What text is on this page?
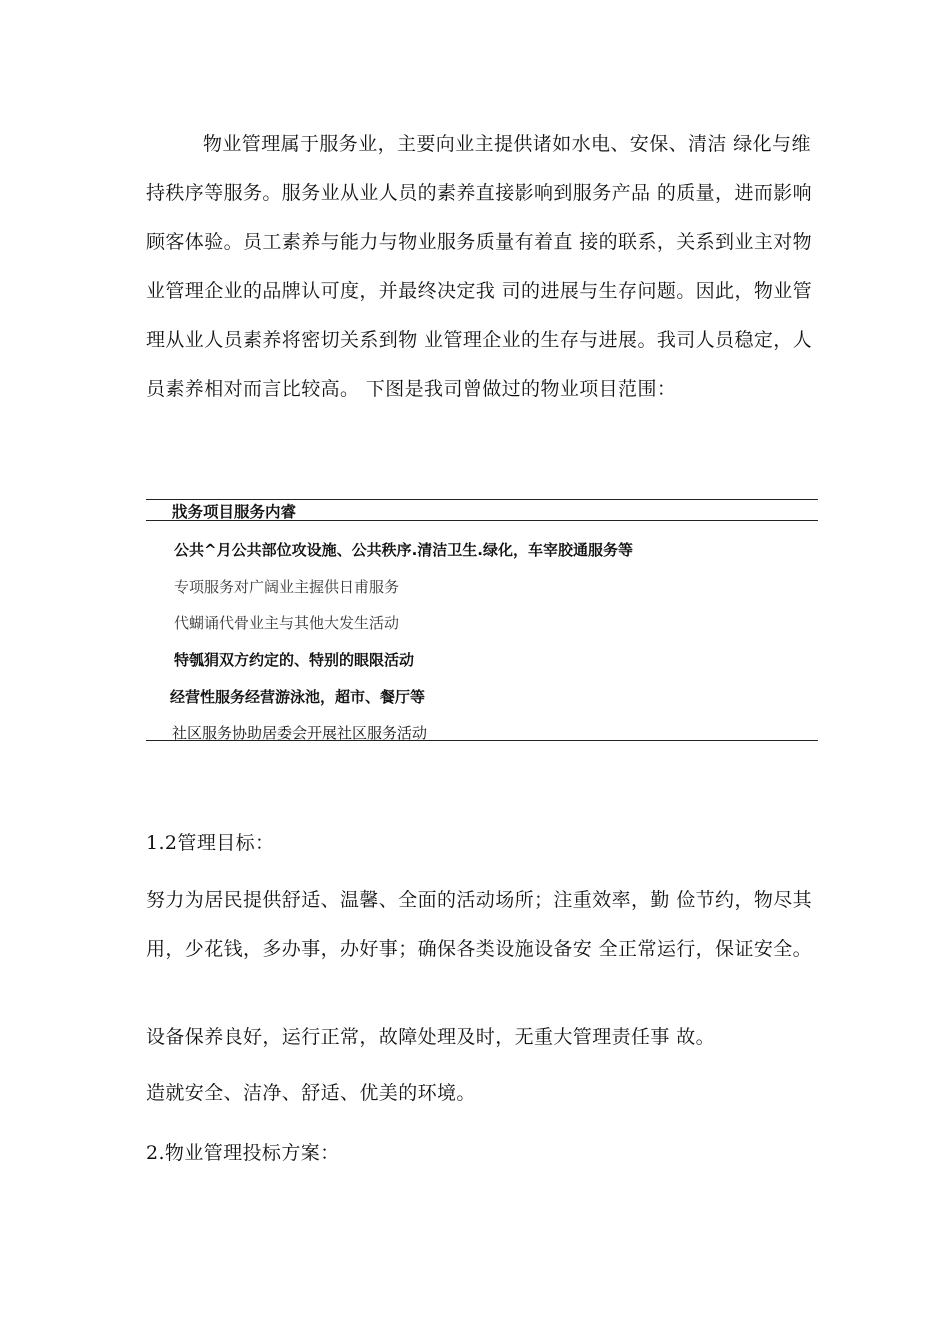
物业管理属于服务业，主要向业主提供诸如水电、安保、清洁 绿化与维持秩序等服务。服务业从业人员的素养直接影响到服务产品 的质量，进而影响顾客体验。员工素养与能力与物业服务质量有着直 接的联系，关系到业主对物业管理企业的品牌认可度，并最终决定我 司的进展与生存问题。因此，物业管理从业人员素养将密切关系到物 业管理企业的生存与进展。我司人员稳定，人员素养相对而言比较高。 下图是我司曾做过的物业项目范围：

戕务项目服务内睿
公共^月公共部位攻设施、公共秩序.清洁卫生.绿化，车宰胶通服务等
专项服务对广阔业主握供日甫服务
代蝴诵代骨业主与其他大发生活动
特瓠狷双方约定的、特别的眼限活动
经营性服务经营游泳池，超市、餐厅等
社区服务协助居委会开展社区服务活动

1.2管理目标：

努力为居民提供舒适、温馨、全面的活动场所；注重效率，勤 俭节约，物尽其用，少花钱，多办事，办好事；确保各类设施设备安 全正常运行，保证安全。

设备保养良好，运行正常，故障处理及时，无重大管理责任事 故。

造就安全、洁净、舒适、优美的环境。

2.物业管理投标方案：
